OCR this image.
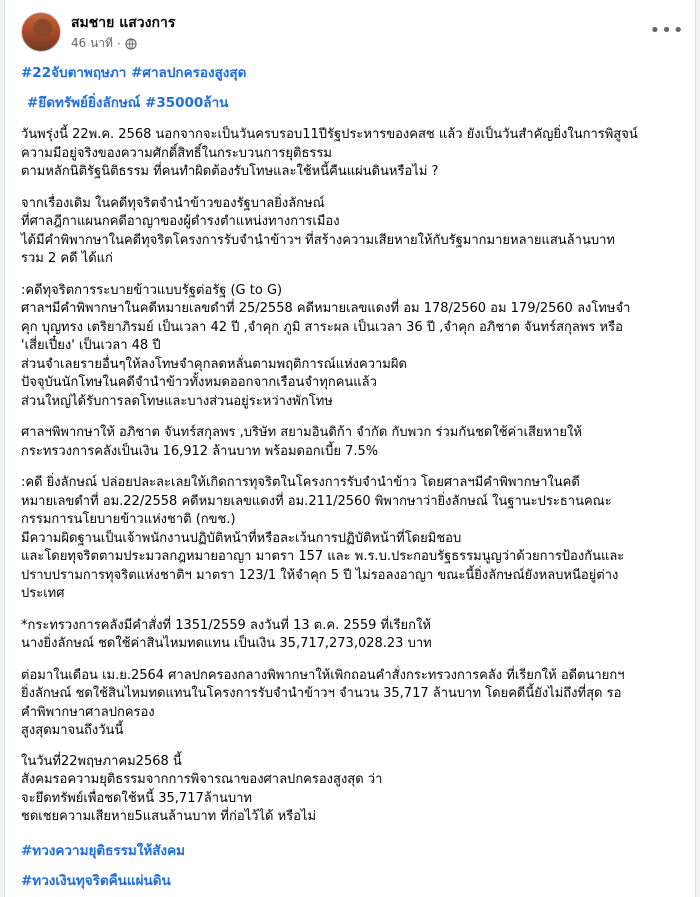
สมชาย แสวงการ
46 นาที ·
•••
#22จับตาพฤษภา #ศาลปกครองสูงสุด
#ยึดทรัพย์ยิ่งลักษณ์ #35000ล้าน
วันพรุ่งนี้ 22พ.ค. 2568 นอกจากจะเป็นวันครบรอบ11ปีรัฐประหารของคสช แล้ว ยังเป็นวันสำคัญยิ่งในการพิสูจน์
ความมีอยู่จริงของความศักดิ์สิทธิ์ในกระบวนการยุติธรรม
ตามหลักนิติรัฐนิติธรรม ที่คนทำผิดต้องรับโทษและใช้หนี้คืนแผ่นดินหรือไม่ ?
จากเรื่องเดิม ในคดีทุจริตจำนำข้าวของรัฐบาลยิ่งลักษณ์
ที่ศาลฎีกาแผนกคดีอาญาของผู้ดำรงตำแหน่งทางการเมือง
ได้มีคำพิพากษาในคดีทุจริตโครงการรับจำนำข้าวฯ ที่สร้างความเสียหายให้กับรัฐมากมายหลายแสนล้านบาท
รวม 2 คดี ได้แก่
:คดีทุจริตการระบายข้าวแบบรัฐต่อรัฐ (G to G)
ศาลฯมีคำพิพากษาในคดีหมายเลขดำที่ 25/2558 คดีหมายเลขแดงที่ อม 178/2560 อม 179/2560 ลงโทษจำ
คุก บุญทรง เตริยาภิรมย์ เป็นเวลา 42 ปี ,จำคุก ภูมิ สาระผล เป็นเวลา 36 ปี ,จำคุก อภิชาต จันทร์สกุลพร หรือ
'เสี่ยเปี๋ยง' เป็นเวลา 48 ปี
ส่วนจำเลยรายอื่นๆให้ลงโทษจำคุกลดหลั่นตามพฤติการณ์แห่งความผิด
ปัจจุบันนักโทษในคดีจำนำข้าวทั้งหมดออกจากเรือนจำทุกคนแล้ว
ส่วนใหญ่ได้รับการลดโทษและบางส่วนอยู่ระหว่างพักโทษ
ศาลฯพิพากษาให้ อภิชาต จันทร์สกุลพร ,บริษัท สยามอินดิก้า จำกัด กับพวก ร่วมกันชดใช้ค่าเสียหายให้
กระทรวงการคลังเป็นเงิน 16,912 ล้านบาท พร้อมดอกเบี้ย 7.5%
:คดี ยิ่งลักษณ์ ปล่อยปละละเลยให้เกิดการทุจริตในโครงการรับจำนำข้าว โดยศาลฯมีคำพิพากษาในคดี
หมายเลขดำที่ อม.22/2558 คดีหมายเลขแดงที่ อม.211/2560 พิพากษาว่ายิ่งลักษณ์ ในฐานะประธานคณะ
กรรมการนโยบายข้าวแห่งชาติ (กขช.)
มีความผิดฐานเป็นเจ้าพนักงานปฏิบัติหน้าที่หรือละเว้นการปฏิบัติหน้าที่โดยมิชอบ
และโดยทุจริตตามประมวลกฎหมายอาญา มาตรา 157 และ พ.ร.บ.ประกอบรัฐธรรมนูญว่าด้วยการป้องกันและ
ปราบปรามการทุจริตแห่งชาติฯ มาตรา 123/1 ให้จำคุก 5 ปี ไม่รอลงอาญา ขณะนี้ยิ่งลักษณ์ยังหลบหนีอยู่ต่าง
ประเทศ
*กระทรวงการคลังมีคำสั่งที่ 1351/2559 ลงวันที่ 13 ต.ค. 2559 ที่เรียกให้
นางยิ่งลักษณ์ ชดใช้ค่าสินไหมทดแทน เป็นเงิน 35,717,273,028.23 บาท
ต่อมาในเดือน เม.ย.2564 ศาลปกครองกลางพิพากษาให้เพิกถอนคำสั่งกระทรวงการคลัง ที่เรียกให้ อดีตนายกฯ
ยิ่งลักษณ์ ชดใช้สินไหมทดแทนในโครงการรับจำนำข้าวฯ จำนวน 35,717 ล้านบาท โดยคดีนี้ยังไม่ถึงที่สุด รอ
คำพิพากษาศาลปกครอง
สูงสุดมาจนถึงวันนี้
ในวันที่22พฤษภาคม2568 นี้
สังคมรอความยุติธรรมจากการพิจารณาของศาลปกครองสูงสุด ว่า
จะยึดทรัพย์เพื่อชดใช้หนี้ 35,717ล้านบาท
ชดเชยความเสียหาย5แสนล้านบาท ที่ก่อไว้ได้ หรือไม่
#ทวงความยุติธรรมให้สังคม
#ทวงเงินทุจริตคืนแผ่นดิน
